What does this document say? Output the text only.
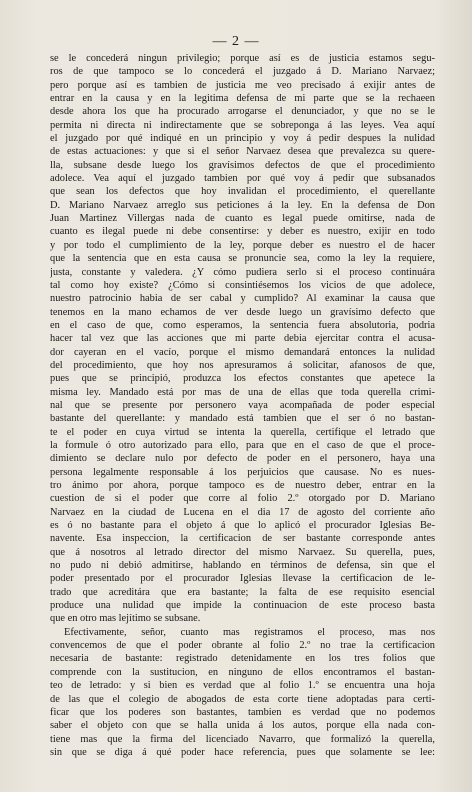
— 2 —
se le concederá ningun privilegio; porque así es de justicia estamos segu-
ros de que tampoco se lo concederá el juzgado á D. Mariano Narvaez;
pero porque así es tambien de justicia me veo precisado á exijir antes de
entrar en la causa y en la legitima defensa de mi parte que se la rechaeen
desde ahora los que ha procurado arrogarse el denunciador, y que no se le
permita ni directa ni indirectamente que se sobreponga á las leyes. Vea aquí
el juzgado por qué indiqué en un principio y voy á pedir despues la nulidad
de estas actuaciones: y que si el señor Narvaez desea que prevalezca su quere-
lla, subsane desde luego los gravísimos defectos de que el procedimiento
adolece. Vea aquí el juzgado tambien por qué voy á pedir que subsanados
que sean los defectos que hoy invalidan el procedimiento, el querellante
D. Mariano Narvaez arreglo sus peticiones á la ley. En la defensa de Don
Juan Martinez Villergas nada de cuanto es legal puede omitirse, nada de
cuanto es ilegal puede ni debe consentirse: y deber es nuestro, exijir en todo
y por todo el cumplimiento de la ley, porque deber es nuestro el de hacer
que la sentencia que en esta causa se pronuncie sea, como la ley la requiere,
justa, constante y valedera. ¿Y cómo pudiera serlo si el proceso continuára
tal como hoy existe? ¿Cómo si consintiésemos los vicios de que adolece,
nuestro patrocinio habia de ser cabal y cumplido? Al examinar la causa que
tenemos en la mano echamos de ver desde luego un gravísimo defecto que
en el caso de que, como esperamos, la sentencia fuera absolutoria, podria
hacer tal vez que las acciones que mi parte debia ejercitar contra el acusa-
dor cayeran en el vacío, porque el mismo demandará entonces la nulidad
del procedimiento, que hoy nos apresuramos á solicitar, afanosos de que,
pues que se principió, produzca los efectos constantes que apetece la
misma ley. Mandado está por mas de una de ellas que toda querella crimi-
nal que se presente por personero vaya acompañada de poder especial
bastante del querellante: y mandado está tambien que el ser ó no bastan-
te el poder en cuya virtud se intenta la querella, certifique el letrado que
la formule ó otro autorizado para ello, para que en el caso de que el proce-
dimiento se declare nulo por defecto de poder en el personero, haya una
persona legalmente responsable á los perjuicios que causase. No es nues-
tro ánimo por ahora, porque tampoco es de nuestro deber, entrar en la
cuestion de si el poder que corre al folio 2.º otorgado por D. Mariano
Narvaez en la ciudad de Lucena en el dia 17 de agosto del corriente año
es ó no bastante para el objeto á que lo aplicó el procurador Iglesias Be-
navente. Esa inspeccion, la certificacion de ser bastante corresponde antes
que á nosotros al letrado director del mismo Narvaez. Su querella, pues,
no pudo ni debió admitirse, hablando en términos de defensa, sin que el
poder presentado por el procurador Iglesias llevase la certificacion de le-
trado que acreditára que era bastante; la falta de ese requisito esencial
produce una nulidad que impide la continuacion de este proceso basta
que en otro mas lejítimo se subsane.
Efectivamente, señor, cuanto mas registramos el proceso, mas nos
convencemos de que el poder obrante al folio 2.º no trae la certificacion
necesaria de bastante: registrado detenidamente en los tres folios que
comprende con la sustitucion, en ninguno de ellos encontramos el bastan-
teo de letrado: y si bien es verdad que al folio 1.º se encuentra una hoja
de las que el colegio de abogados de esta corte tiene adoptadas para certi-
ficar que los poderes son bastantes, tambien es verdad que no podemos
saber el objeto con que se halla unida á los autos, porque ella nada con-
tiene mas que la firma del licenciado Navarro, que formalizó la querella,
sin que se diga á qué poder hace referencia, pues que solamente se lee:
